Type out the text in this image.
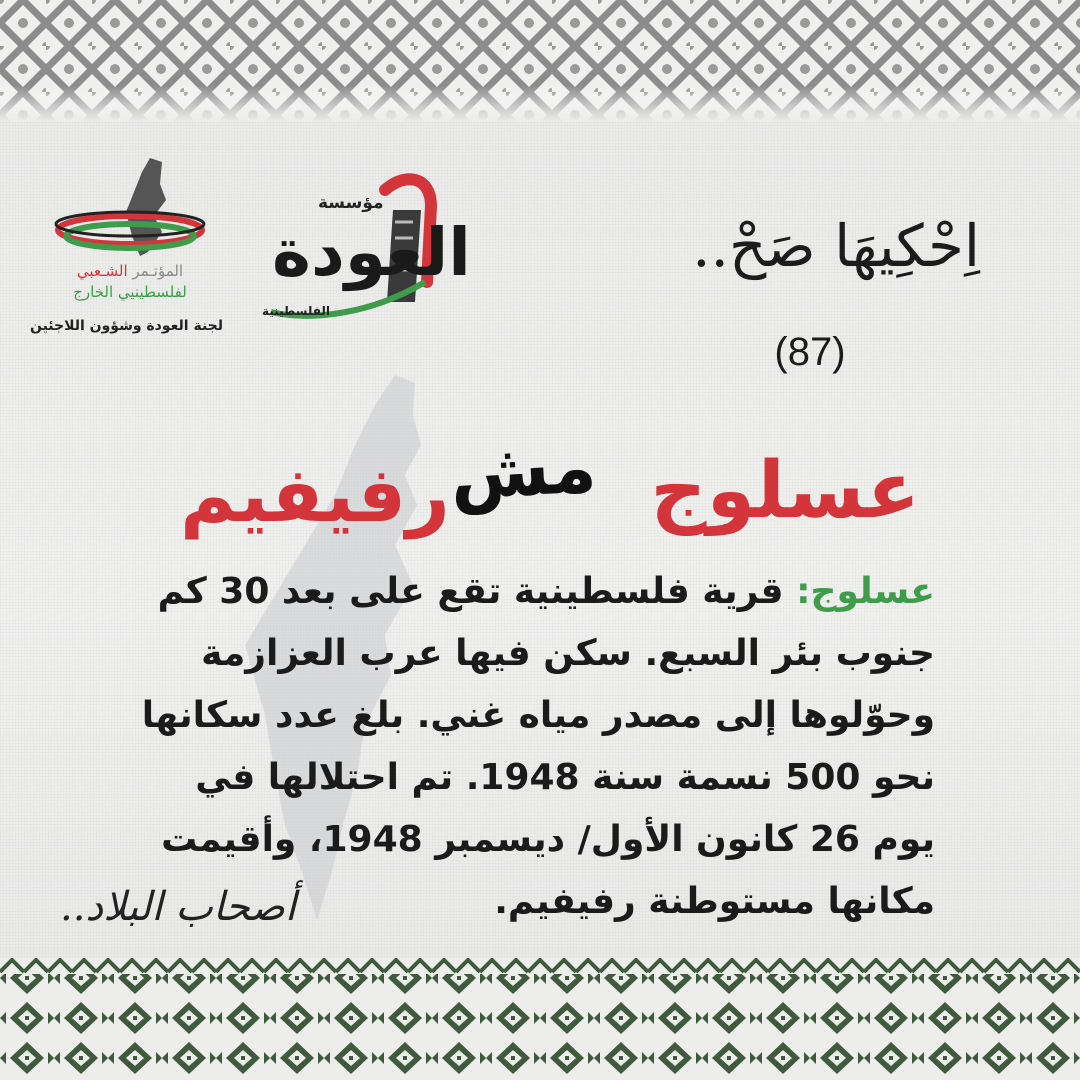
المؤتـمر الشـعبي
لفلسطينيي الخارج
لجنة العودة وشؤون اللاجئين
مؤسسة
العودة
الفلسطينية
اِحْكِيهَا صَحْ..
(87)
عسلوج
مش
رفيفيم
عسلوج: قرية فلسطينية تقع على بعد 30 كم
جنوب بئر السبع. سكن فيها عرب العزازمة
وحوّلوها إلى مصدر مياه غني. بلغ عدد سكانها
نحو 500 نسمة سنة 1948. تم احتلالها في
يوم 26 كانون الأول/ ديسمبر 1948، وأقيمت
مكانها مستوطنة رفيفيم.
أصحاب البلاد..
